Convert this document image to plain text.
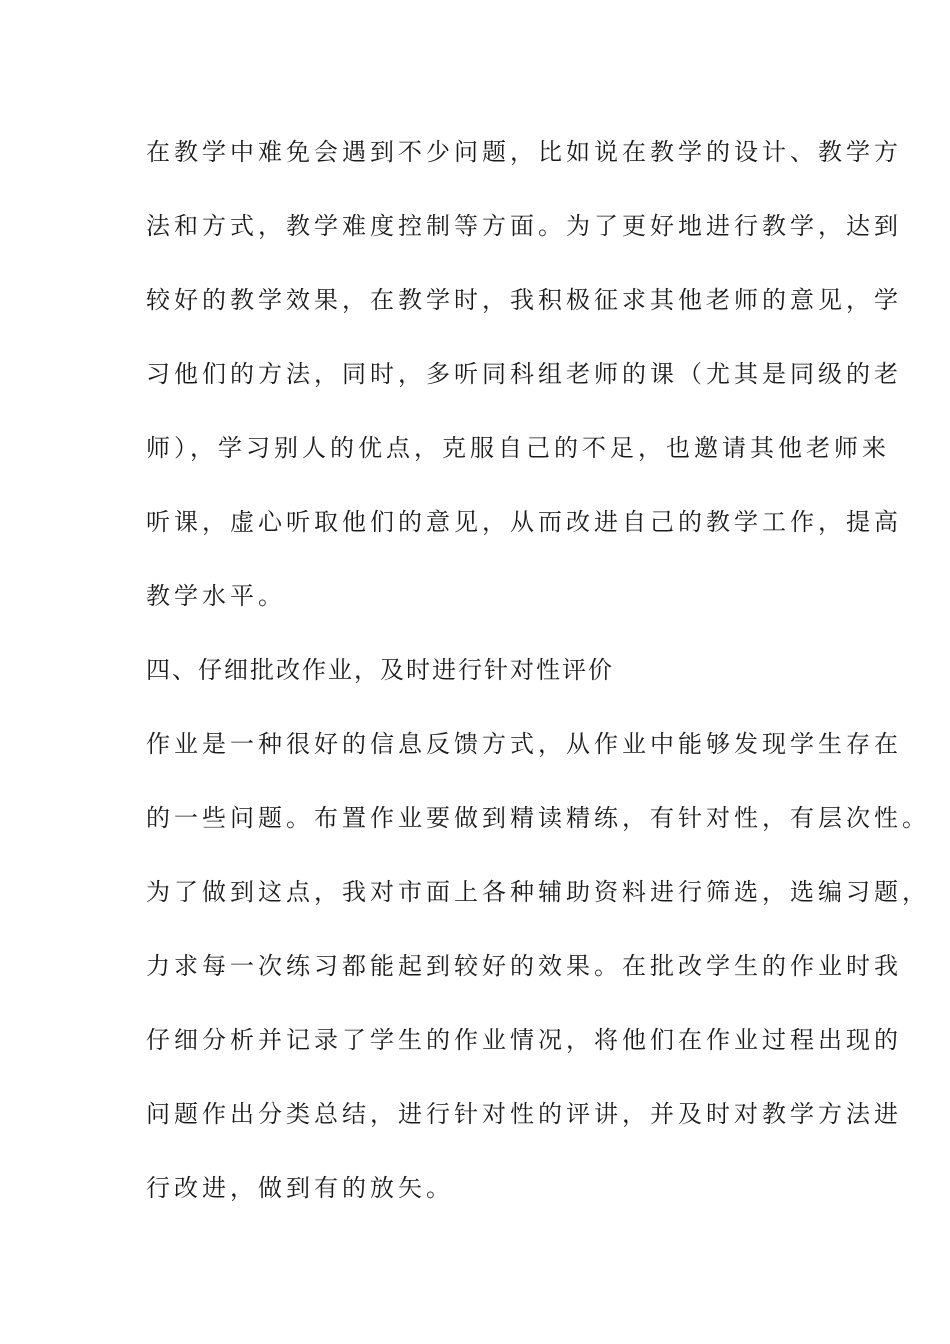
在教学中难免会遇到不少问题，比如说在教学的设计、教学方
法和方式，教学难度控制等方面。为了更好地进行教学，达到
较好的教学效果，在教学时，我积极征求其他老师的意见，学
习他们的方法，同时，多听同科组老师的课（尤其是同级的老
师），学习别人的优点，克服自己的不足，也邀请其他老师来
听课，虚心听取他们的意见，从而改进自己的教学工作，提高
教学水平。
四、仔细批改作业，及时进行针对性评价
作业是一种很好的信息反馈方式，从作业中能够发现学生存在
的一些问题。布置作业要做到精读精练，有针对性，有层次性。
为了做到这点，我对市面上各种辅助资料进行筛选，选编习题，
力求每一次练习都能起到较好的效果。在批改学生的作业时我
仔细分析并记录了学生的作业情况，将他们在作业过程出现的
问题作出分类总结，进行针对性的评讲，并及时对教学方法进
行改进，做到有的放矢。
